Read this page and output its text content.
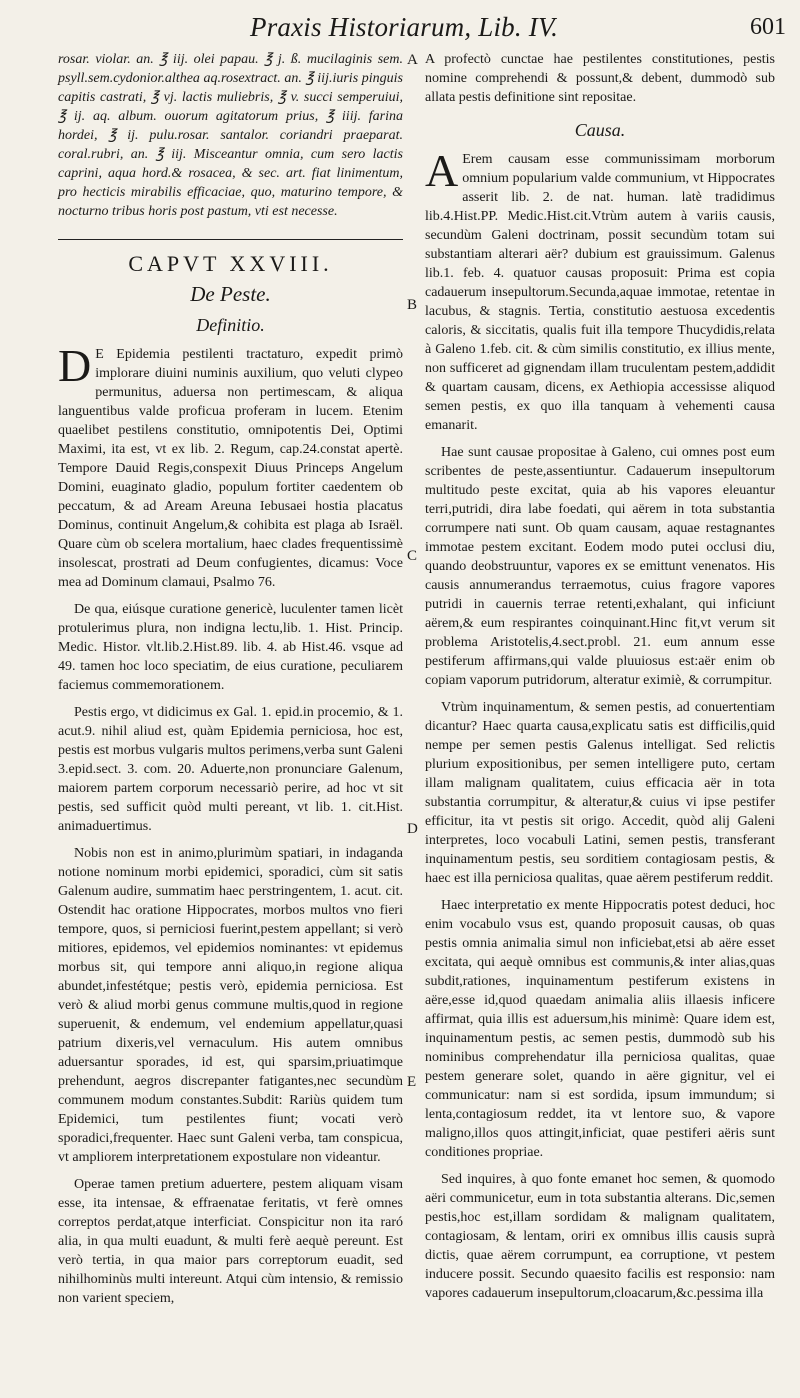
Praxis Historiarum, Lib. IV.	601

rosar. violar. an. ℥ iij. olei papau. ℥ j. ß. mucilaginis sem. psyll.sem.cydonior.althea aq.rosextract. an. ℥ iij.iuris pinguis capitis castrati, ℥ vj. lactis muliebris, ℥ v. succi semperuiui, ℥ ij. aq. album. ouorum agitatorum prius, ℥ iiij. farina hordei, ℥ ij. pulu.rosar. santalor. coriandri praeparat. coral.rubri, an. ℥ iij. Misceantur omnia, cum sero lactis caprini, aqua hord.& rosacea, & sec. art. fiat linimentum, pro hecticis mirabilis efficaciae, quo, maturino tempore, & nocturno tribus horis post pastum, vti est necesse.

CAPVT XXVIII.
De Peste.
Definitio.

DE Epidemia pestilenti tractaturo, expedit primò implorare diuini numinis auxilium, quo veluti clypeo permunitus, aduersa non pertimescam, & aliqua languentibus valde proficua proferam in lucem. Etenim quaelibet pestilens constitutio, omnipotentis Dei, Optimi Maximi, ita est, vt ex lib. 2. Regum, cap.24.constat apertè. Tempore Dauid Regis,conspexit Diuus Princeps Angelum Domini, euaginato gladio, populum fortiter caedentem ob peccatum, & ad Aream Areuna Iebusaei hostia placatus Dominus, continuit Angelum,& cohibita est plaga ab Israël. Quare cùm ob scelera mortalium, haec clades frequentissimè insolescat, prostrati ad Deum confugientes, dicamus: Voce mea ad Dominum clamaui, Psalmo 76.

De qua, eiúsque curatione genericè, luculenter tamen licèt protulerimus plura, non indigna lectu,lib. 1. Hist. Princip. Medic. Histor. vlt.lib.2.Hist.89. lib. 4. ab Hist.46. vsque ad 49. tamen hoc loco speciatim, de eius curatione, peculiarem faciemus commemorationem.

Pestis ergo, vt didicimus ex Gal. 1. epid.in procemio, & 1. acut.9. nihil aliud est, quàm Epidemia perniciosa, hoc est, pestis est morbus vulgaris multos perimens,verba sunt Galeni 3.epid.sect. 3. com. 20. Aduerte,non pronunciare Galenum, maiorem partem corporum necessariò perire, ad hoc vt sit pestis, sed sufficit quòd multi pereant, vt lib. 1. cit.Hist. animaduertimus.

Nobis non est in animo,plurimùm spatiari, in indaganda notione nominum morbi epidemici, sporadici, cùm sit satis Galenum audire, summatim haec perstringentem, 1. acut. cit. Ostendit hac oratione Hippocrates, morbos multos vno fieri tempore, quos, si perniciosi fuerint,pestem appellant; si verò mitiores, epidemos, vel epidemios nominantes: vt epidemus morbus sit, qui tempore anni aliquo,in regione aliqua abundet,infestétque; pestis verò, epidemia perniciosa. Est verò & aliud morbi genus commune multis,quod in regione superuenit, & endemum, vel endemium appellatur,quasi patrium dixeris,vel vernaculum. His autem omnibus aduersantur sporades, id est, qui sparsim,priuatimque prehendunt, aegros discrepanter fatigantes,nec secundùm communem modum constantes.Subdit: Rariùs quidem tum Epidemici, tum pestilentes fiunt; vocati verò sporadici,frequenter. Haec sunt Galeni verba, tam conspicua, vt ampliorem interpretationem expostulare non videantur.

Operae tamen pretium aduertere, pestem aliquam visam esse, ita intensae, & effraenatae feritatis, vt ferè omnes correptos perdat,atque interficiat. Conspicitur non ita raró alia, in qua multi euadunt, & multi ferè aequè pereunt. Est verò tertia, in qua maior pars correptorum euadit, sed nihilhominùs multi intereunt. Atqui cùm intensio, & remissio non varient speciem,

A
B
C
D
E

A profectò cunctae hae pestilentes constitutiones, pestis nomine comprehendi & possunt,& debent, dummodò sub allata pestis definitione sint repositae.

Causa.

AErem causam esse communissimam morborum omnium popularium valde communium, vt Hippocrates asserit lib. 2. de nat. human. latè tradidimus lib.4.Hist.PP. Medic.Hist.cit.Vtrùm autem à variis causis, secundùm Galeni doctrinam, possit secundùm totam sui substantiam alterari aër? dubium est grauissimum. Galenus lib.1. feb. 4. quatuor causas proposuit: Prima est copia cadauerum insepultorum.Secunda,aquae immotae, retentae in lacubus, & stagnis. Tertia, constitutio aestuosa excedentis caloris, & siccitatis, qualis fuit illa tempore Thucydidis,relata à Galeno 1.feb. cit. & cùm similis constitutio, ex illius mente, non sufficeret ad gignendam illam truculentam pestem,addidit & quartam causam, dicens, ex Aethiopia accessisse aliquod semen pestis, ex quo illa tanquam à vehementi causa emanarit.

Hae sunt causae propositae à Galeno, cui omnes post eum scribentes de peste,assentiuntur. Cadauerum insepultorum multitudo peste excitat, quia ab his vapores eleuantur terri,putridi, dira labe foedati, qui aërem in tota substantia corrumpere nati sunt. Ob quam causam, aquae restagnantes immotae pestem excitant. Eodem modo putei occlusi diu, quando deobstruuntur, vapores ex se emittunt venenatos. His causis annumerandus terraemotus, cuius fragore vapores putridi in cauernis terrae retenti,exhalant, qui inficiunt aërem,& eum respirantes coinquinant.Hinc fit,vt verum sit problema Aristotelis,4.sect.probl. 21. eum annum esse pestiferum affirmans,qui valde pluuiosus est:aër enim ob copiam vaporum putridorum, alteratur eximiè, & corrumpitur.

Vtrùm inquinamentum, & semen pestis, ad conuertentiam dicantur? Haec quarta causa,explicatu satis est difficilis,quid nempe per semen pestis Galenus intelligat. Sed relictis plurium expositionibus, per semen intelligere puto, certam illam malignam qualitatem, cuius efficacia aër in tota substantia corrumpitur, & alteratur,& cuius vi ipse pestifer efficitur, ita vt pestis sit origo. Accedit, quòd alij Galeni interpretes, loco vocabuli Latini, semen pestis, transferant inquinamentum pestis, seu sorditiem contagiosam pestis, & haec est illa perniciosa qualitas, quae aërem pestiferum reddit.

Haec interpretatio ex mente Hippocratis potest deduci, hoc enim vocabulo vsus est, quando proposuit causas, ob quas pestis omnia animalia simul non inficiebat,etsi ab aëre esset excitata, qui aequè omnibus est communis,& inter alias,quas subdit,rationes, inquinamentum pestiferum existens in aëre,esse id,quod quaedam animalia aliis illaesis inficere affirmat, quia illis est aduersum,his minimè: Quare idem est, inquinamentum pestis, ac semen pestis, dummodò sub his nominibus comprehendatur illa perniciosa qualitas, quae pestem generare solet, quando in aëre gignitur, vel ei communicatur: nam si est sordida, ipsum immundum; si lenta,contagiosum reddet, ita vt lentore suo, & vapore maligno,illos quos attingit,inficiat, quae pestiferi aëris sunt conditiones propriae.

Sed inquires, à quo fonte emanet hoc semen, & quomodo aëri communicetur, eum in tota substantia alterans. Dic,semen pestis,hoc est,illam sordidam & malignam qualitatem, contagiosam, & lentam, oriri ex omnibus illis causis suprà dictis, quae aërem corrumpunt, ea corruptione, vt pestem inducere possit. Secundo quaesito facilis est responsio: nam vapores cadauerum insepultorum,cloacarum,&c.pessima illa
